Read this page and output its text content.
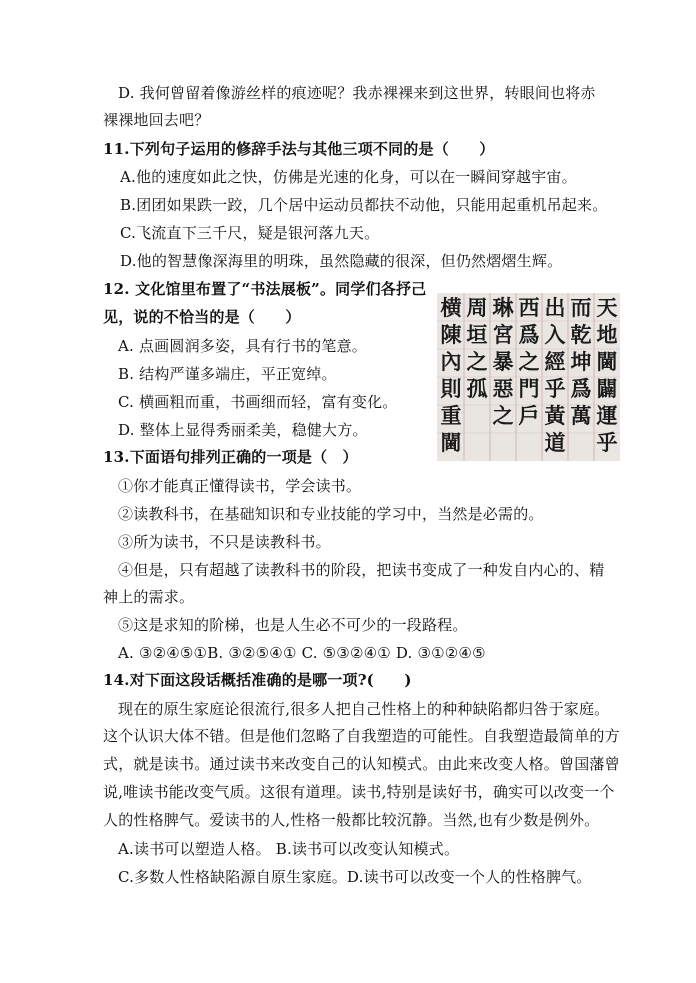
D. 我何曾留着像游丝样的痕迹呢？我赤裸裸来到这世界，转眼间也将赤
裸裸地回去吧？
11.下列句子运用的修辞手法与其他三项不同的是（　　）
A.他的速度如此之快，仿佛是光速的化身，可以在一瞬间穿越宇宙。
B.团团如果跌一跤，几个居中运动员都扶不动他，只能用起重机吊起来。
C.飞流直下三千尺，疑是银河落九天。
D.他的智慧像深海里的明珠，虽然隐藏的很深，但仍然熠熠生辉。
12. 文化馆里布置了“书法展板”。同学们各抒己
见，说的不恰当的是（　　）
A. 点画圆润多姿，具有行书的笔意。
B. 结构严谨多端庄，平正宽绰。
C. 横画粗而重，书画细而轻，富有变化。
D. 整体上显得秀丽柔美，稳健大方。
天
地
閫
闢
運
乎
而
乾
坤
爲
萬
出
入
經
乎
黃
道
西
爲
之
門
戶
琳
宮
暴
惡
之
周
垣
之
孤
横
陳
內
則
重
閫
13.下面语句排列正确的一项是（　）
①你才能真正懂得读书，学会读书。
②读教科书，在基础知识和专业技能的学习中，当然是必需的。
③所为读书，不只是读教科书。
④但是，只有超越了读教科书的阶段，把读书变成了一种发自内心的、精
神上的需求。
⑤这是求知的阶梯，也是人生必不可少的一段路程。
A. ③②④⑤①B. ③②⑤④① C. ⑤③②④① D. ③①②④⑤
14.对下面这段话概括准确的是哪一项?(　　)
现在的原生家庭论很流行,很多人把自己性格上的种种缺陷都归咎于家庭。
这个认识大体不错。但是他们忽略了自我塑造的可能性。自我塑造最简单的方
式，就是读书。通过读书来改变自己的认知模式。由此来改变人格。曾国藩曾
说,唯读书能改变气质。这很有道理。读书,特别是读好书，确实可以改变一个
人的性格脾气。爱读书的人,性格一般都比较沉静。当然,也有少数是例外。
A.读书可以塑造人格。 B.读书可以改变认知模式。
C.多数人性格缺陷源自原生家庭。D.读书可以改变一个人的性格脾气。
